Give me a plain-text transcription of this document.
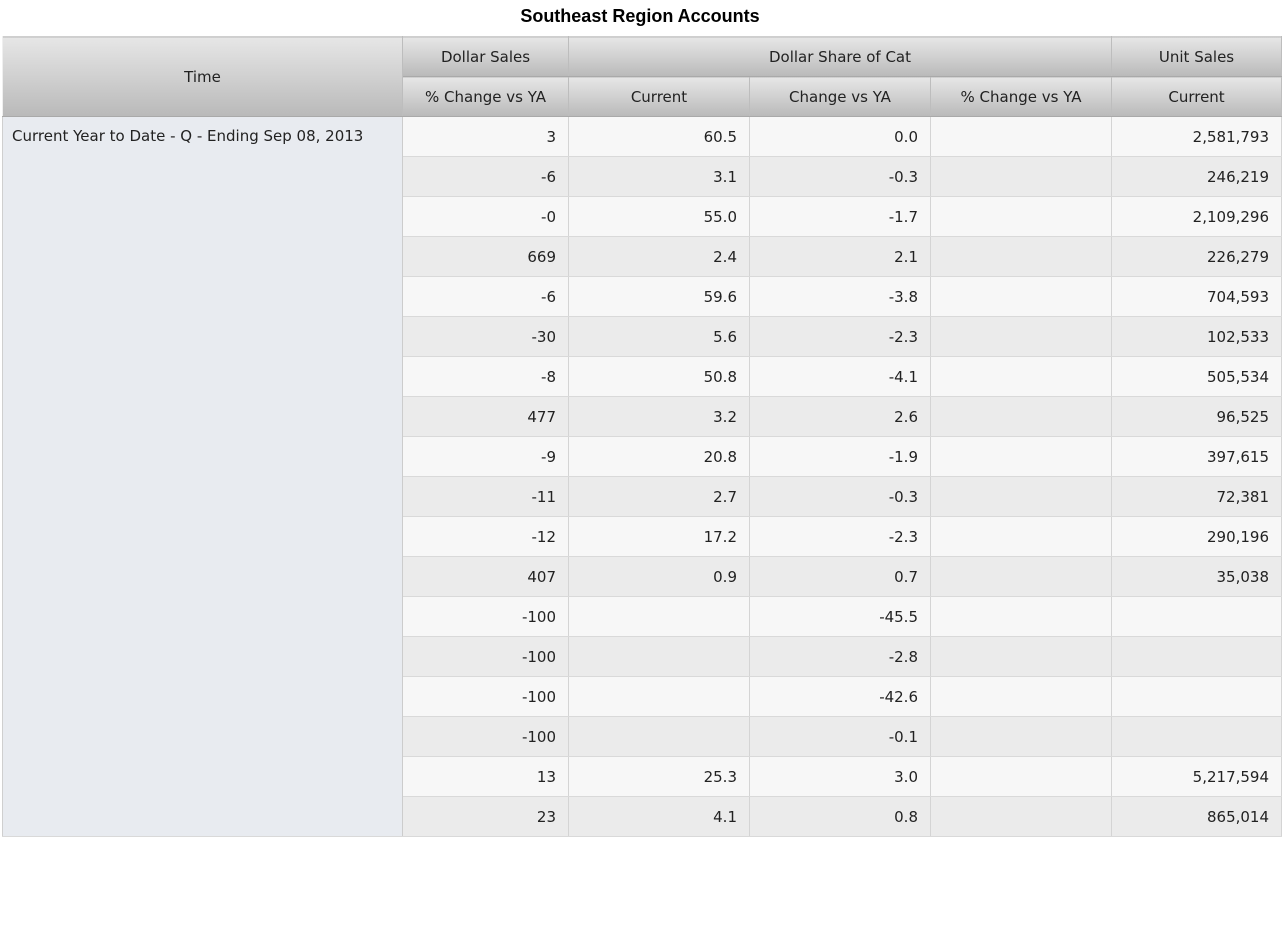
Southeast Region Accounts
Time	Dollar Sales	Dollar Share of Cat			Unit Sales
	% Change vs YA	Current	Change vs YA	% Change vs YA	Current
Current Year to Date - Q - Ending Sep 08, 2013	3	60.5	0.0		2,581,793
	-6	3.1	-0.3		246,219
	-0	55.0	-1.7		2,109,296
	669	2.4	2.1		226,279
	-6	59.6	-3.8		704,593
	-30	5.6	-2.3		102,533
	-8	50.8	-4.1		505,534
	477	3.2	2.6		96,525
	-9	20.8	-1.9		397,615
	-11	2.7	-0.3		72,381
	-12	17.2	-2.3		290,196
	407	0.9	0.7		35,038
	-100		-45.5		
	-100		-2.8		
	-100		-42.6		
	-100		-0.1		
	13	25.3	3.0		5,217,594
	23	4.1	0.8		865,014
